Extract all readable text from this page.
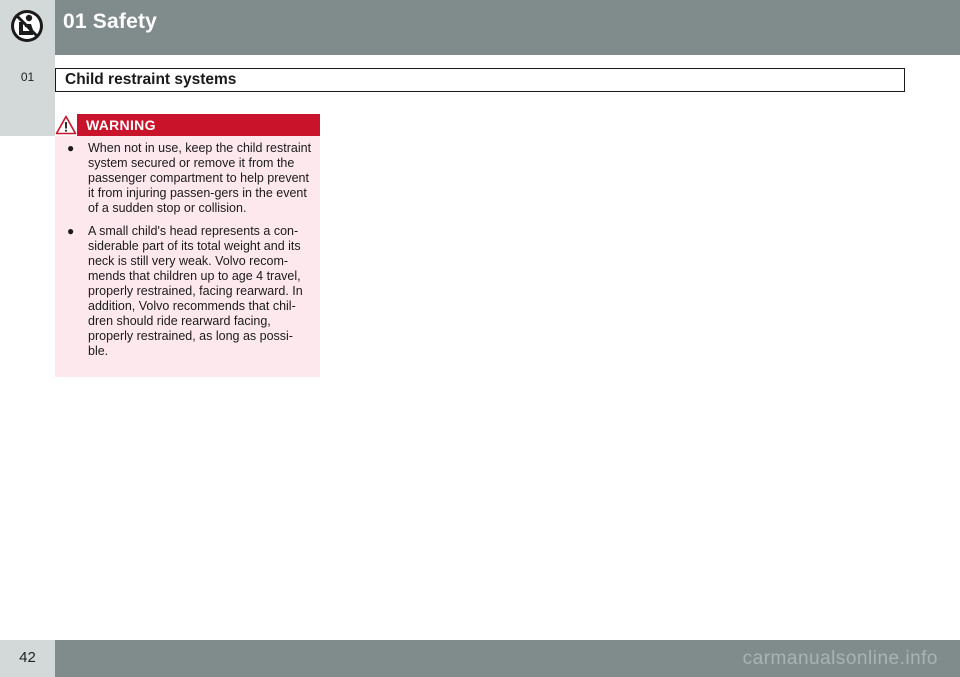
01 Safety
01	Child restraint systems
WARNING
● When not in use, keep the child restraint system secured or remove it from the passenger compartment to help prevent it from injuring passen-gers in the event of a sudden stop or collision.
● A small child's head represents a con-siderable part of its total weight and its neck is still very weak. Volvo recom-mends that children up to age 4 travel, properly restrained, facing rearward. In addition, Volvo recommends that chil-dren should ride rearward facing, properly restrained, as long as possi-ble.
42	carmanualsonline.info
